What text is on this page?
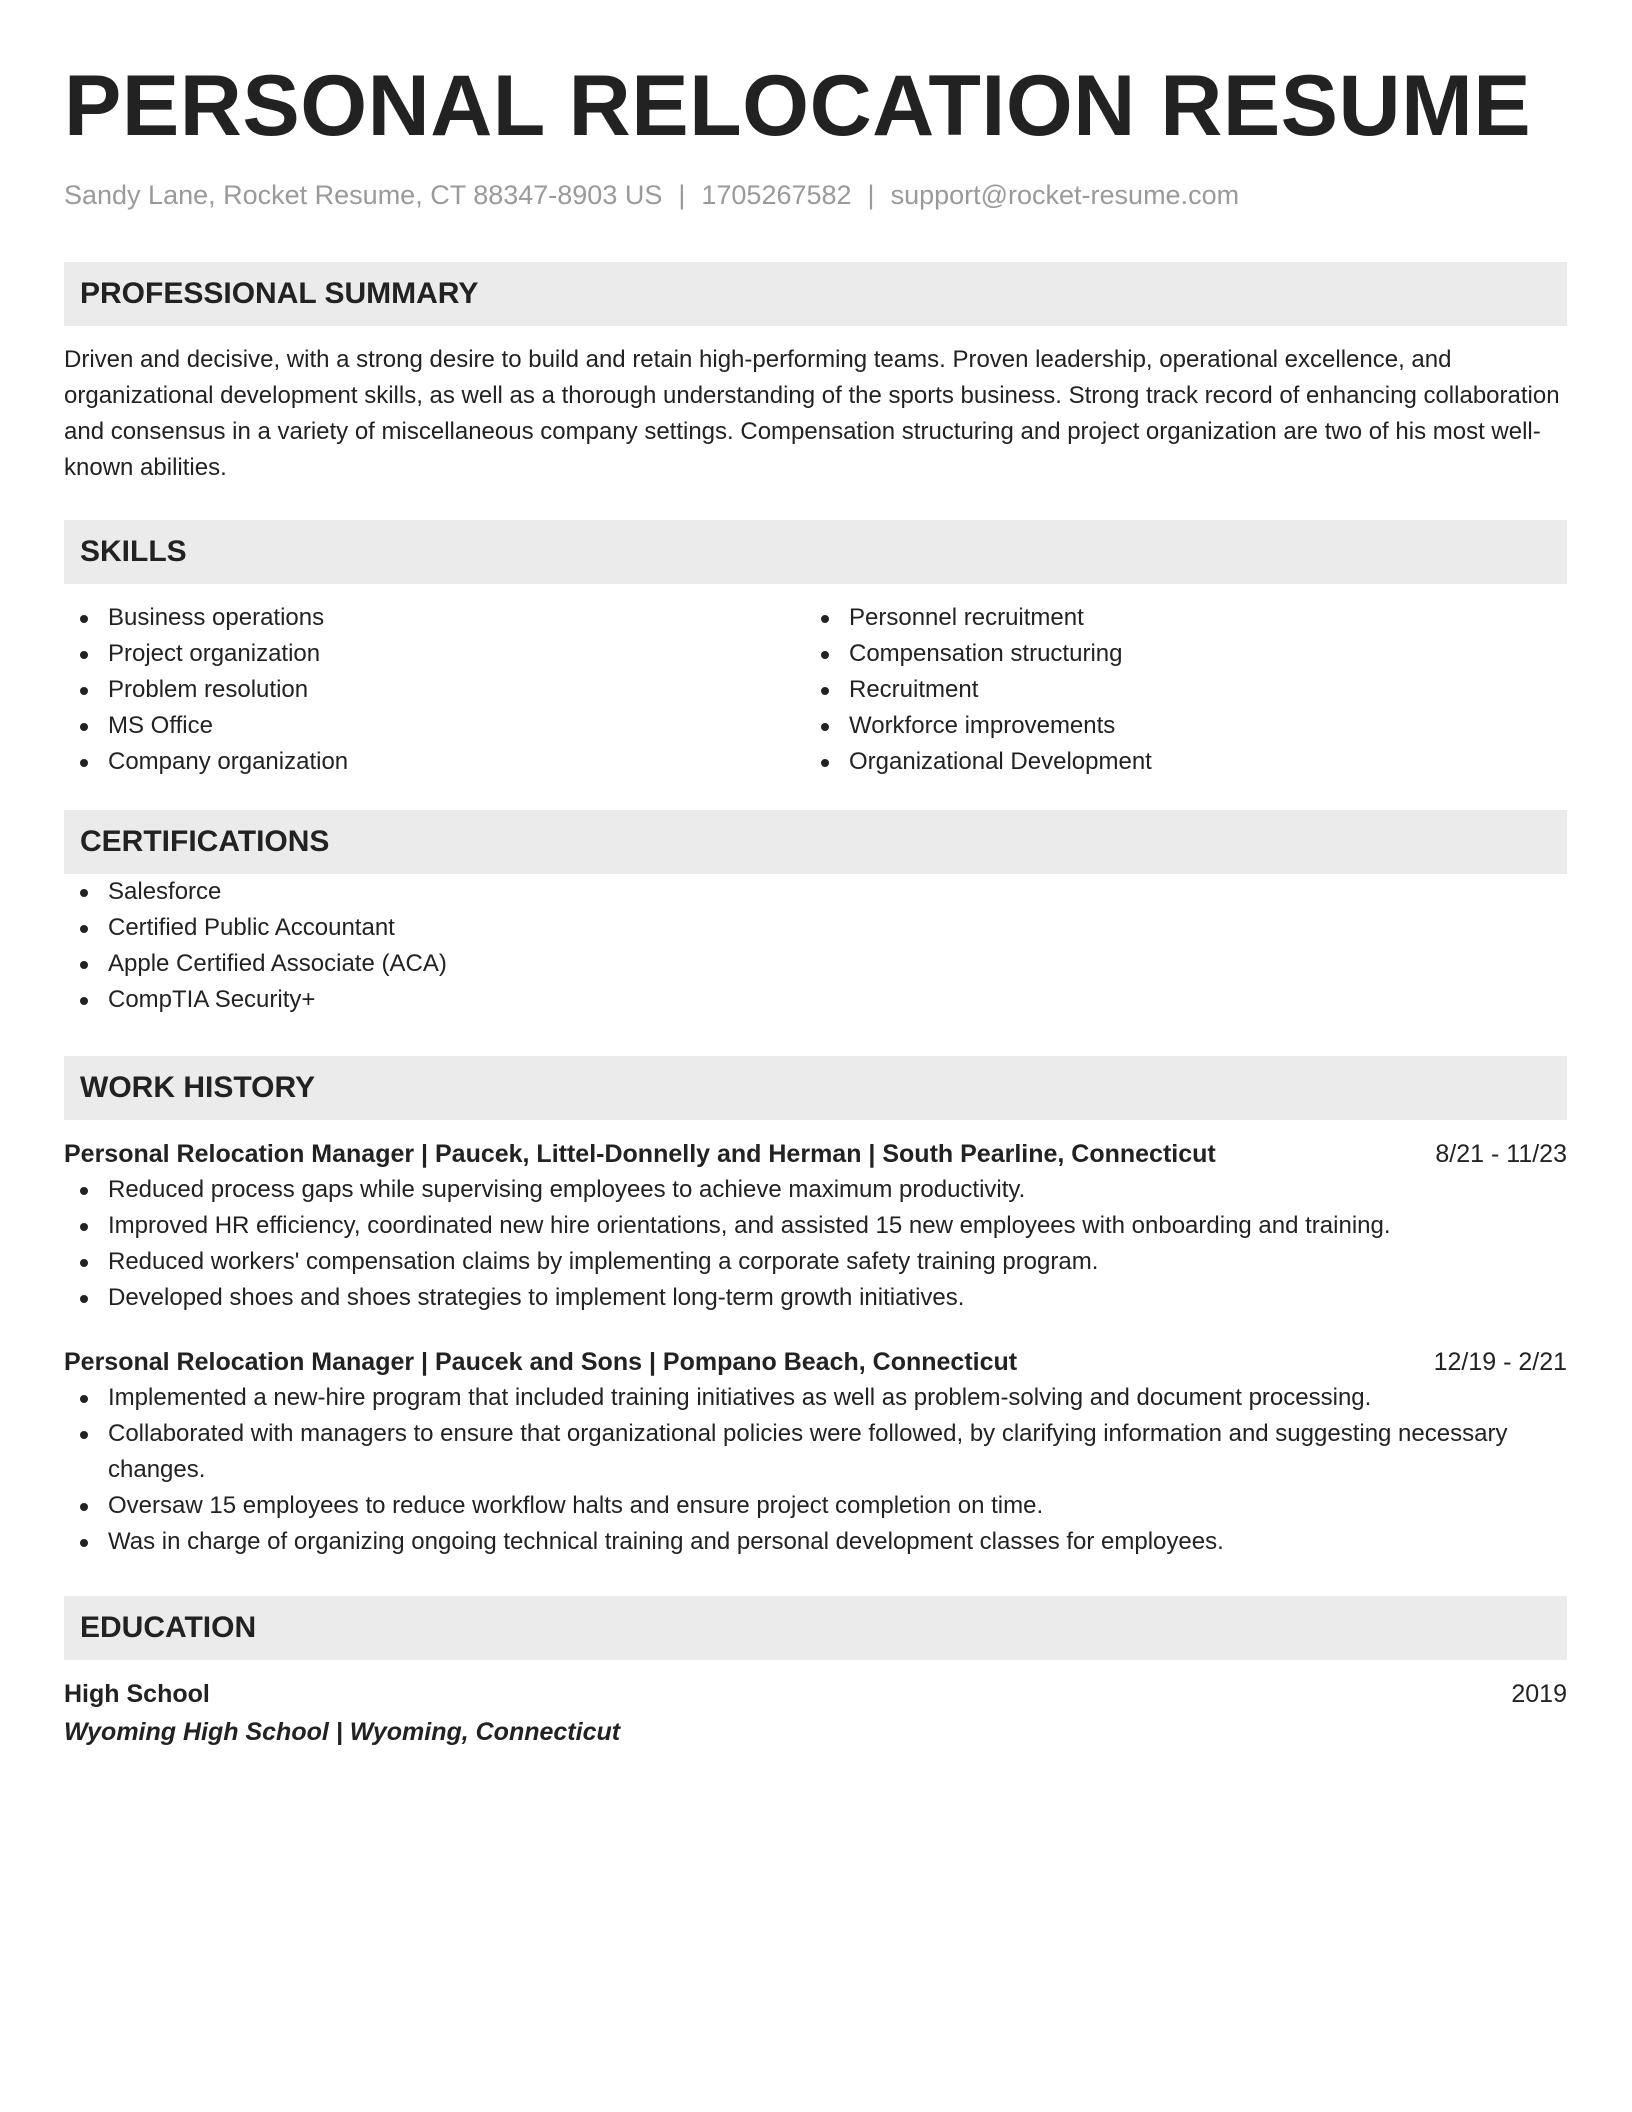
PERSONAL RELOCATION RESUME
Sandy Lane, Rocket Resume, CT 88347-8903 US | 1705267582 | support@rocket-resume.com
PROFESSIONAL SUMMARY

Driven and decisive, with a strong desire to build and retain high-performing teams. Proven leadership, operational excellence, and organizational development skills, as well as a thorough understanding of the sports business. Strong track record of enhancing collaboration and consensus in a variety of miscellaneous company settings. Compensation structuring and project organization are two of his most well-known abilities.

SKILLS
Business operations
Project organization
Problem resolution
MS Office
Company organization
Personnel recruitment
Compensation structuring
Recruitment
Workforce improvements
Organizational Development
CERTIFICATIONS
Salesforce
Certified Public Accountant
Apple Certified Associate (ACA)
CompTIA Security+
WORK HISTORY
Personal Relocation Manager | Paucek, Littel-Donnelly and Herman | South Pearline, Connecticut	8/21 - 11/23
Reduced process gaps while supervising employees to achieve maximum productivity.
Improved HR efficiency, coordinated new hire orientations, and assisted 15 new employees with onboarding and training.
Reduced workers' compensation claims by implementing a corporate safety training program.
Developed shoes and shoes strategies to implement long-term growth initiatives.
Personal Relocation Manager | Paucek and Sons | Pompano Beach, Connecticut	12/19 - 2/21
Implemented a new-hire program that included training initiatives as well as problem-solving and document processing.
Collaborated with managers to ensure that organizational policies were followed, by clarifying information and suggesting necessary changes.
Oversaw 15 employees to reduce workflow halts and ensure project completion on time.
Was in charge of organizing ongoing technical training and personal development classes for employees.
EDUCATION
High School	2019
Wyoming High School | Wyoming, Connecticut
